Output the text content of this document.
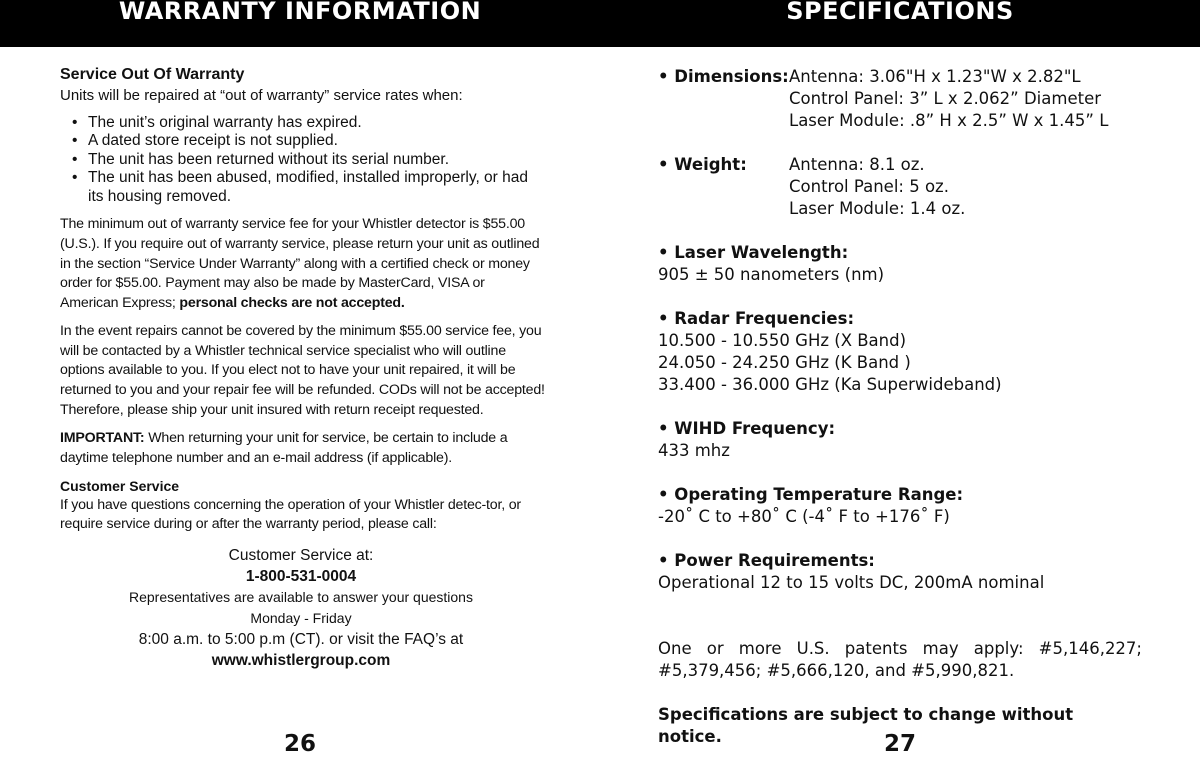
WARRANTY INFORMATION	SPECIFICATIONS
Service Out Of Warranty
Units will be repaired at “out of warranty” service rates when:
• The unit’s original warranty has expired.
• A dated store receipt is not supplied.
• The unit has been returned without its serial number.
• The unit has been abused, modified, installed improperly, or had its housing removed.

The minimum out of warranty service fee for your Whistler detector is $55.00 (U.S.). If you require out of warranty service, please return your unit as outlined in the section “Service Under Warranty” along with a certified check or money order for $55.00. Payment may also be made by MasterCard, VISA or American Express; personal checks are not accepted.

In the event repairs cannot be covered by the minimum $55.00 service fee, you will be contacted by a Whistler technical service specialist who will outline options available to you. If you elect not to have your unit repaired, it will be returned to you and your repair fee will be refunded. CODs will not be accepted! Therefore, please ship your unit insured with return receipt requested.

IMPORTANT: When returning your unit for service, be certain to include a daytime telephone number and an e-mail address (if applicable).

Customer Service
If you have questions concerning the operation of your Whistler detec-tor, or require service during or after the warranty period, please call:
Customer Service at:
1-800-531-0004
Representatives are available to answer your questions
Monday - Friday
8:00 a.m. to 5:00 p.m (CT). or visit the FAQ’s at
www.whistlergroup.com
• Dimensions: Antenna: 3.06"H x 1.23"W x 2.82"L
Control Panel: 3” L x 2.062” Diameter
Laser Module: .8” H x 2.5” W x 1.45” L
• Weight:	Antenna: 8.1 oz.
Control Panel: 5 oz.
Laser Module: 1.4 oz.
• Laser Wavelength:
905 ± 50 nanometers (nm)
• Radar Frequencies:
10.500 - 10.550 GHz (X Band)
24.050 - 24.250 GHz (K Band )
33.400 - 36.000 GHz (Ka Superwideband)
• WIHD Frequency:
433 mhz
• Operating Temperature Range:
-20˚ C to +80˚ C (-4˚ F to +176˚ F)
• Power Requirements:
Operational 12 to 15 volts DC, 200mA nominal
One or more U.S. patents may apply: #5,146,227; #5,379,456; #5,666,120, and #5,990,821.
Specifications are subject to change without notice.
26	27
